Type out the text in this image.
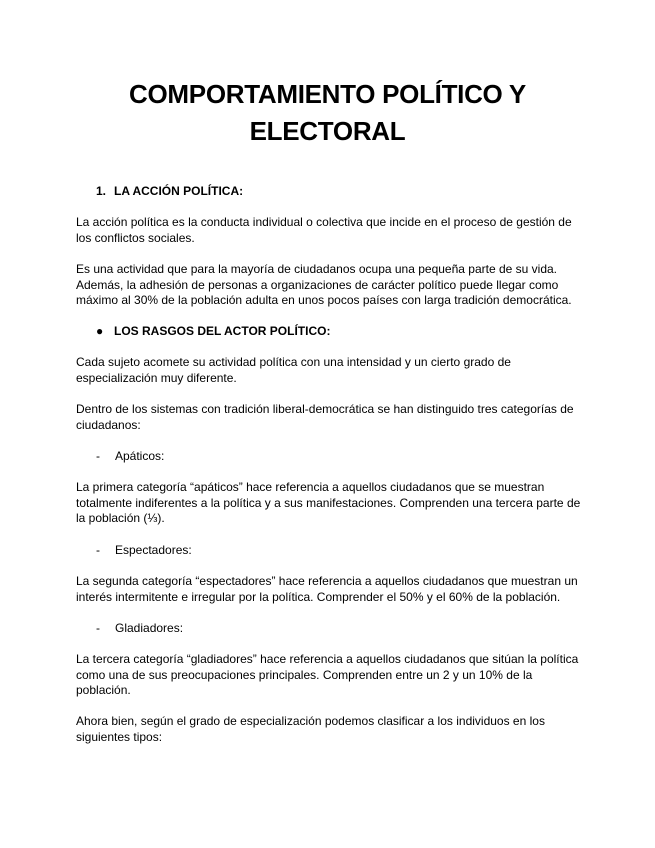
COMPORTAMIENTO POLÍTICO Y
ELECTORAL

1. LA ACCIÓN POLÍTICA:

La acción política es la conducta individual o colectiva que incide en el proceso de gestión de los conflictos sociales.

Es una actividad que para la mayoría de ciudadanos ocupa una pequeña parte de su vida. Además, la adhesión de personas a organizaciones de carácter político puede llegar como máximo al 30% de la población adulta en unos pocos países con larga tradición democrática.

● LOS RASGOS DEL ACTOR POLÍTICO:

Cada sujeto acomete su actividad política con una intensidad y un cierto grado de especialización muy diferente.

Dentro de los sistemas con tradición liberal-democrática se han distinguido tres categorías de ciudadanos:

- Apáticos:

La primera categoría “apáticos” hace referencia a aquellos ciudadanos que se muestran totalmente indiferentes a la política y a sus manifestaciones. Comprenden una tercera parte de la población (⅓).

- Espectadores:

La segunda categoría “espectadores” hace referencia a aquellos ciudadanos que muestran un interés intermitente e irregular por la política. Comprender el 50% y el 60% de la población.

- Gladiadores:

La tercera categoría “gladiadores” hace referencia a aquellos ciudadanos que sitúan la política como una de sus preocupaciones principales. Comprenden entre un 2 y un 10% de la población.

Ahora bien, según el grado de especialización podemos clasificar a los individuos en los siguientes tipos:
